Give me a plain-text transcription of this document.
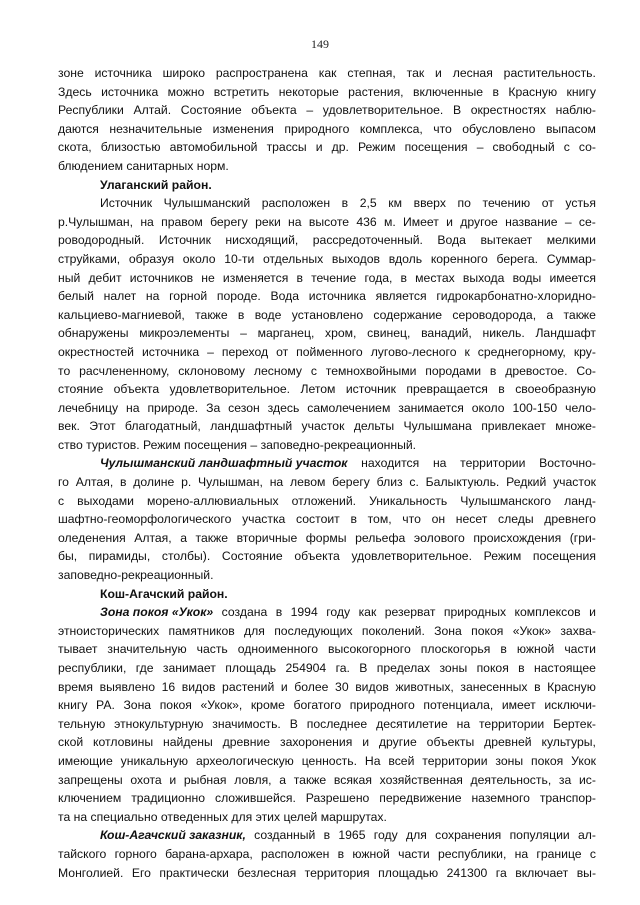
149
зоне источника широко распространена как степная, так и лесная растительность.
Здесь источника можно встретить некоторые растения, включенные в Красную книгу
Республики Алтай. Состояние объекта – удовлетворительное. В окрестностях наблю-
даются незначительные изменения природного комплекса, что обусловлено выпасом
скота, близостью автомобильной трассы и др. Режим посещения – свободный с со-
блюдением санитарных норм.
Улаганский район.
Источник Чулышманский расположен в 2,5 км вверх по течению от устья
р.Чулышман, на правом берегу реки на высоте 436 м. Имеет и другое название – се-
роводородный. Источник нисходящий, рассредоточенный. Вода вытекает мелкими
струйками, образуя около 10-ти отдельных выходов вдоль коренного берега. Суммар-
ный дебит источников не изменяется в течение года, в местах выхода воды имеется
белый налет на горной породе. Вода источника является гидрокарбонатно-хлоридно-
кальциево-магниевой, также в воде установлено содержание сероводорода, а также
обнаружены микроэлементы – марганец, хром, свинец, ванадий, никель. Ландшафт
окрестностей источника – переход от пойменного лугово-лесного к среднегорному, кру-
то расчлененному, склоновому лесному с темнохвойными породами в древостое. Со-
стояние объекта удовлетворительное. Летом источник превращается в своеобразную
лечебницу на природе. За сезон здесь самолечением занимается около 100-150 чело-
век. Этот благодатный, ландшафтный участок дельты Чулышмана привлекает множе-
ство туристов. Режим посещения – заповедно-рекреационный.
Чулышманский ландшафтный участок находится на территории Восточно-
го Алтая, в долине р. Чулышман, на левом берегу близ с. Балыктуюль. Редкий участок
с выходами морено-аллювиальных отложений. Уникальность Чулышманского ланд-
шафтно-геоморфологического участка состоит в том, что он несет следы древнего
оледенения Алтая, а также вторичные формы рельефа эолового происхождения (гри-
бы, пирамиды, столбы). Состояние объекта удовлетворительное. Режим посещения
заповедно-рекреационный.
Кош-Агачский район.
Зона покоя «Укок» создана в 1994 году как резерват природных комплексов и
этноисторических памятников для последующих поколений. Зона покоя «Укок» захва-
тывает значительную часть одноименного высокогорного плоскогорья в южной части
республики, где занимает площадь 254904 га. В пределах зоны покоя в настоящее
время выявлено 16 видов растений и более 30 видов животных, занесенных в Красную
книгу РА. Зона покоя «Укок», кроме богатого природного потенциала, имеет исключи-
тельную этнокультурную значимость. В последнее десятилетие на территории Бертек-
ской котловины найдены древние захоронения и другие объекты древней культуры,
имеющие уникальную археологическую ценность. На всей территории зоны покоя Укок
запрещены охота и рыбная ловля, а также всякая хозяйственная деятельность, за ис-
ключением традиционно сложившейся. Разрешено передвижение наземного транспор-
та на специально отведенных для этих целей маршрутах.
Кош-Агачский заказник, созданный в 1965 году для сохранения популяции ал-
тайского горного барана-архара, расположен в южной части республики, на границе с
Монголией. Его практически безлесная территория площадью 241300 га включает вы-
